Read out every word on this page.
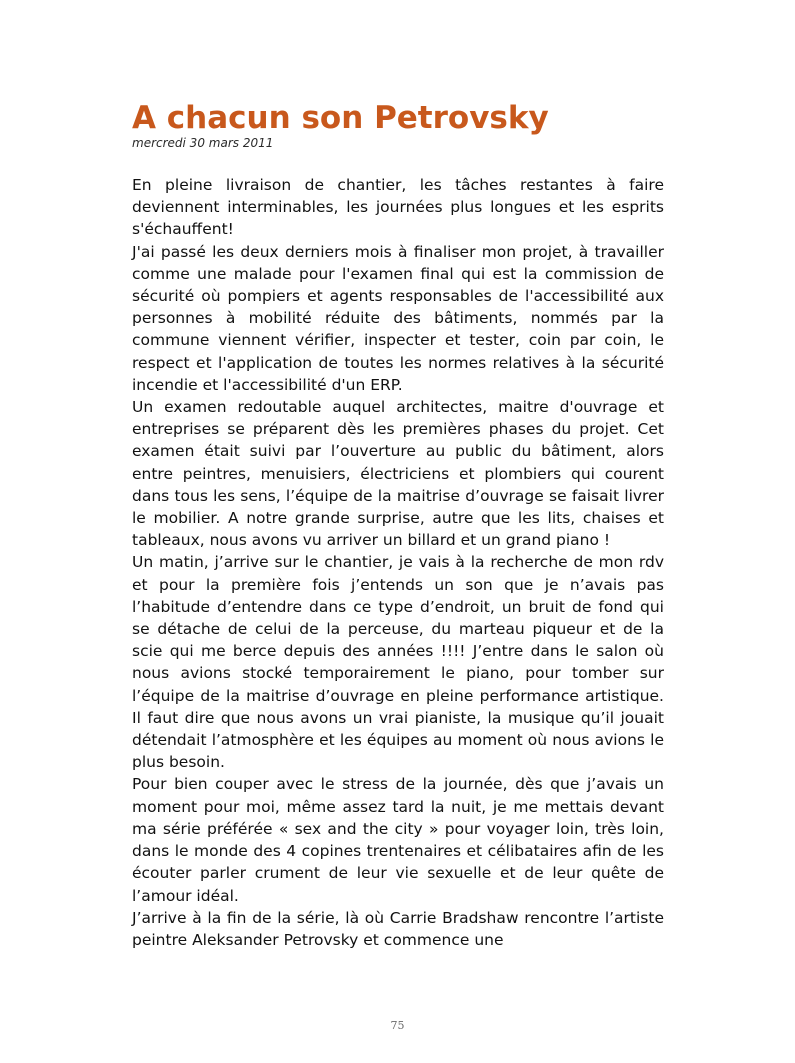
A chacun son Petrovsky
mercredi 30 mars 2011

En pleine livraison de chantier, les tâches restantes à faire deviennent interminables, les journées plus longues et les esprits s'échauffent!

J'ai passé les deux derniers mois à finaliser mon projet, à travailler comme une malade pour l'examen final qui est la commission de sécurité où pompiers et agents responsables de l'accessibilité aux personnes à mobilité réduite des bâtiments, nommés par la commune viennent vérifier, inspecter et tester, coin par coin, le respect et l'application de toutes les normes relatives à la sécurité incendie et l'accessibilité d'un ERP.

Un examen redoutable auquel architectes, maitre d'ouvrage et entreprises se préparent dès les premières phases du projet. Cet examen était suivi par l’ouverture au public du bâtiment, alors entre peintres, menuisiers, électriciens et plombiers qui courent dans tous les sens, l’équipe de la maitrise d’ouvrage se faisait livrer le mobilier. A notre grande surprise, autre que les lits, chaises et tableaux, nous avons vu arriver un billard et un grand piano !

Un matin, j’arrive sur le chantier, je vais à la recherche de mon rdv et pour la première fois j’entends un son que je n’avais pas l’habitude d’entendre dans ce type d’endroit, un bruit de fond qui se détache de celui de la perceuse, du marteau piqueur et de la scie qui me berce depuis des années !!!! J’entre dans le salon où nous avions stocké temporairement le piano, pour tomber sur l’équipe de la maitrise d’ouvrage en pleine performance artistique. Il faut dire que nous avons un vrai pianiste, la musique qu’il jouait détendait l’atmosphère et les équipes au moment où nous avions le plus besoin.

Pour bien couper avec le stress de la journée, dès que j’avais un moment pour moi, même assez tard la nuit, je me mettais devant ma série préférée « sex and the city » pour voyager loin, très loin, dans le monde des 4 copines trentenaires et célibataires afin de les écouter parler crument de leur vie sexuelle et de leur quête de l’amour idéal.

J’arrive à la fin de la série, là où Carrie Bradshaw rencontre l’artiste peintre Aleksander Petrovsky et commence une

75
